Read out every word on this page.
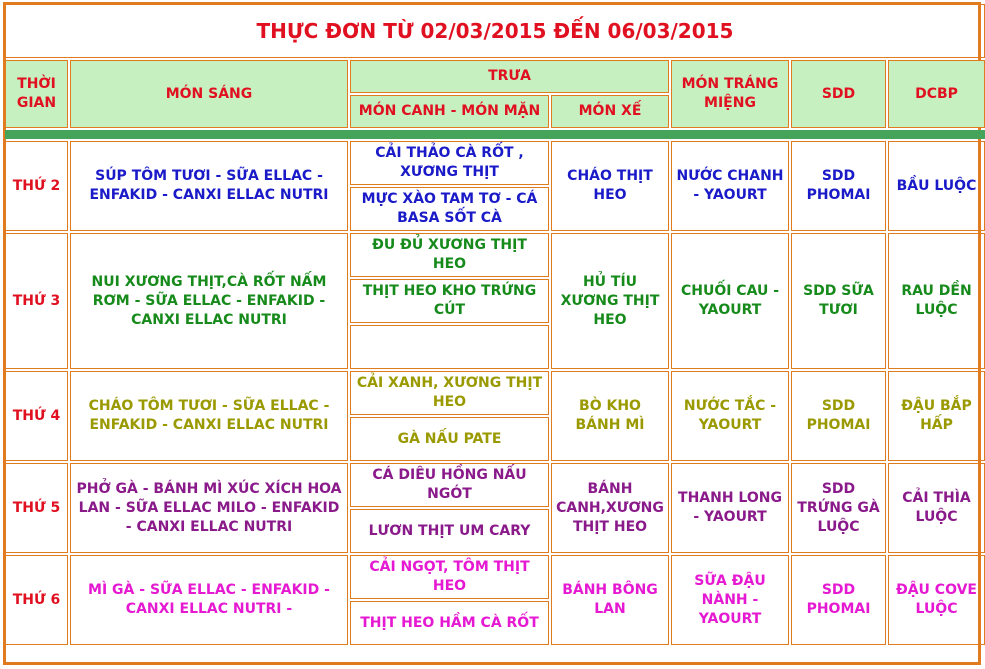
THỰC ĐƠN TỪ 02/03/2015 ĐẾN 06/03/2015						
THỜI GIAN	MÓN SÁNG	TRƯA		MÓN TRÁNG MIỆNG	SDD	DCBP
		MÓN CANH - MÓN MẶN	MÓN XẾ			

THỨ 2	SÚP TÔM TƯƠI - SỮA ELLAC - ENFAKID - CANXI ELLAC NUTRI	CẢI THẢO CÀ RỐT , XƯƠNG THỊT	CHÁO THỊT HEO	NƯỚC CHANH - YAOURT	SDD PHOMAI	BẦU LUỘC
		MỰC XÀO TAM TƠ - CÁ BASA SỐT CÀ				
THỨ 3	NUI XƯƠNG THỊT,CÀ RỐT NẤM RƠM - SỮA ELLAC - ENFAKID - CANXI ELLAC NUTRI	ĐU ĐỦ XƯƠNG THỊT HEO	HỦ TÍU XƯƠNG THỊT HEO	CHUỐI CAU - YAOURT	SDD SỮA TƯƠI	RAU DỀN LUỘC
		THỊT HEO KHO TRỨNG CÚT				

THỨ 4	CHÁO TÔM TƯƠI - SỮA ELLAC - ENFAKID - CANXI ELLAC NUTRI	CẢI XANH, XƯƠNG THỊT HEO	BÒ KHO BÁNH MÌ	NƯỚC TẮC - YAOURT	SDD PHOMAI	ĐẬU BẮP HẤP
		GÀ NẤU PATE				
THỨ 5	PHỞ GÀ - BÁNH MÌ XÚC XÍCH HOA LAN - SỮA ELLAC MILO - ENFAKID - CANXI ELLAC NUTRI	CÁ DIÊU HỒNG NẤU NGÓT	BÁNH CANH,XƯƠNG THỊT HEO	THANH LONG - YAOURT	SDD TRỨNG GÀ LUỘC	CẢI THÌA LUỘC
		LƯƠN THỊT UM CARY				
THỨ 6	MÌ GÀ - SỮA ELLAC - ENFAKID - CANXI ELLAC NUTRI -	CẢI NGỌT, TÔM THỊT HEO	BÁNH BÔNG LAN	SỮA ĐẬU NÀNH - YAOURT	SDD PHOMAI	ĐẬU COVE LUỘC
		THỊT HEO HẦM CÀ RỐT				
